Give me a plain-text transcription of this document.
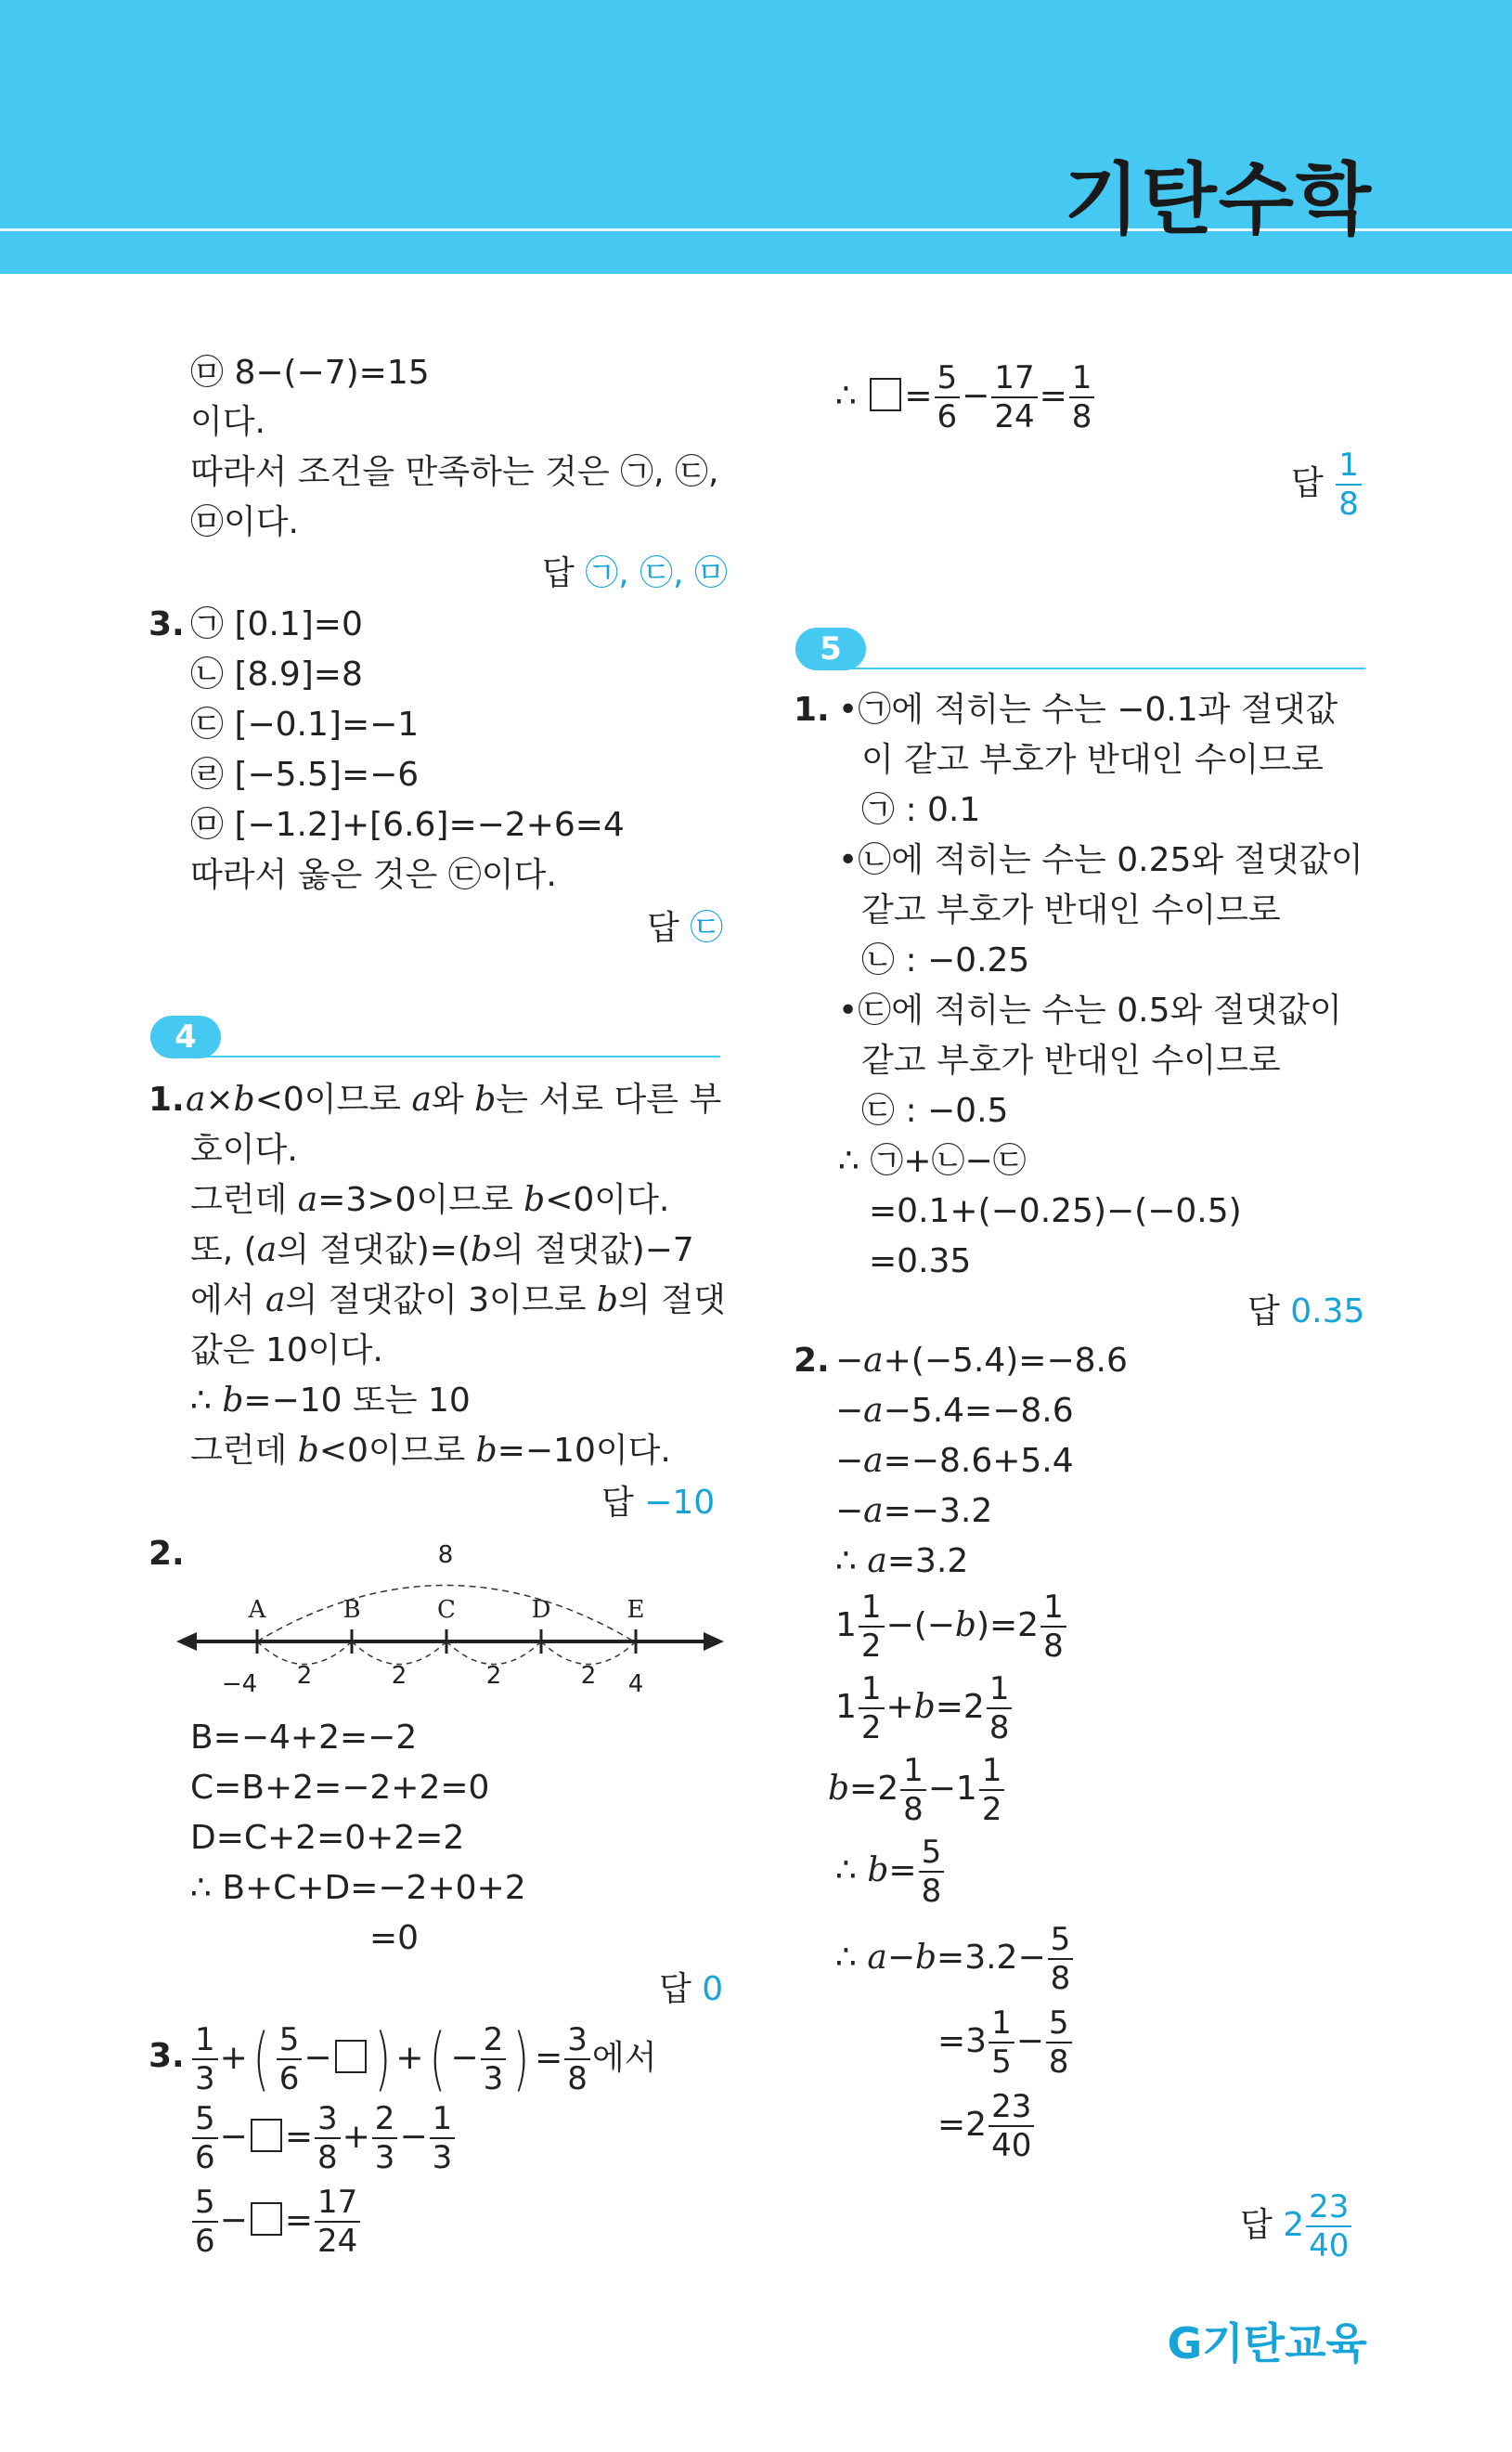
기탄수학
㉤ 8−(−7)=15
이다.
따라서 조건을 만족하는 것은 ㉠, ㉢,
㉤이다.
답 ㉠, ㉢, ㉤
3. ㉠ [0.1]=0
㉡ [8.9]=8
㉢ [−0.1]=−1
㉣ [−5.5]=−6
㉤ [−1.2]+[6.6]=−2+6=4
따라서 옳은 것은 ㉢이다.
답 ㉢
4
1. a×b<0이므로 a와 b는 서로 다른 부
호이다.
그런데 a=3>0이므로 b<0이다.
또, (a의 절댓값)=(b의 절댓값)−7
에서 a의 절댓값이 3이므로 b의 절댓
값은 10이다.
∴ b=−10 또는 10
그런데 b<0이므로 b=−10이다.
답 −10
2.	8
A	B	C	D	E
2	2	2	2
−4	4
B=−4+2=−2
C=B+2=−2+2=0
D=C+2=0+2=2
∴ B+C+D=−2+0+2
=0
답 0
3. $\frac{1}{3}$ +( $\frac{5}{6}$ − ) +( − $\frac{2}{3}$ ) = $\frac{3}{8}$ 에서
$\frac{5}{6}$ − = $\frac{3}{8} + \frac{2}{3} - \frac{1}{3}$
$\frac{5}{6}$ − = $\frac{17}{24}$
∴ = $\frac{5}{6} - \frac{17}{24} = \frac{1}{8}$
답 $\frac{1}{8}$
5
1. •㉠에 적히는 수는 −0.1과 절댓값
이 같고 부호가 반대인 수이므로
㉠ : 0.1
•㉡에 적히는 수는 0.25와 절댓값이
같고 부호가 반대인 수이므로
㉡ : −0.25
•㉢에 적히는 수는 0.5와 절댓값이
같고 부호가 반대인 수이므로
㉢ : −0.5
∴ ㉠+㉡−㉢
=0.1+(−0.25)−(−0.5)
=0.35
답 0.35
2. −a+(−5.4)=−8.6
−a−5.4=−8.6
−a=−8.6+5.4
−a=−3.2
∴ a=3.2
$1 \frac{1}{2} -(-b)=2 \frac{1}{8}$
$1 \frac{1}{2} +b=2 \frac{1}{8}$
$b=2 \frac{1}{8} -1 \frac{1}{2}$
∴ $b= \frac{5}{8}$
∴ $a-b=3.2- \frac{5}{8}$
$=3 \frac{1}{5} - \frac{5}{8}$
$=2 \frac{23}{40}$
답 $2 \frac{23}{40}$
G기탄교육
